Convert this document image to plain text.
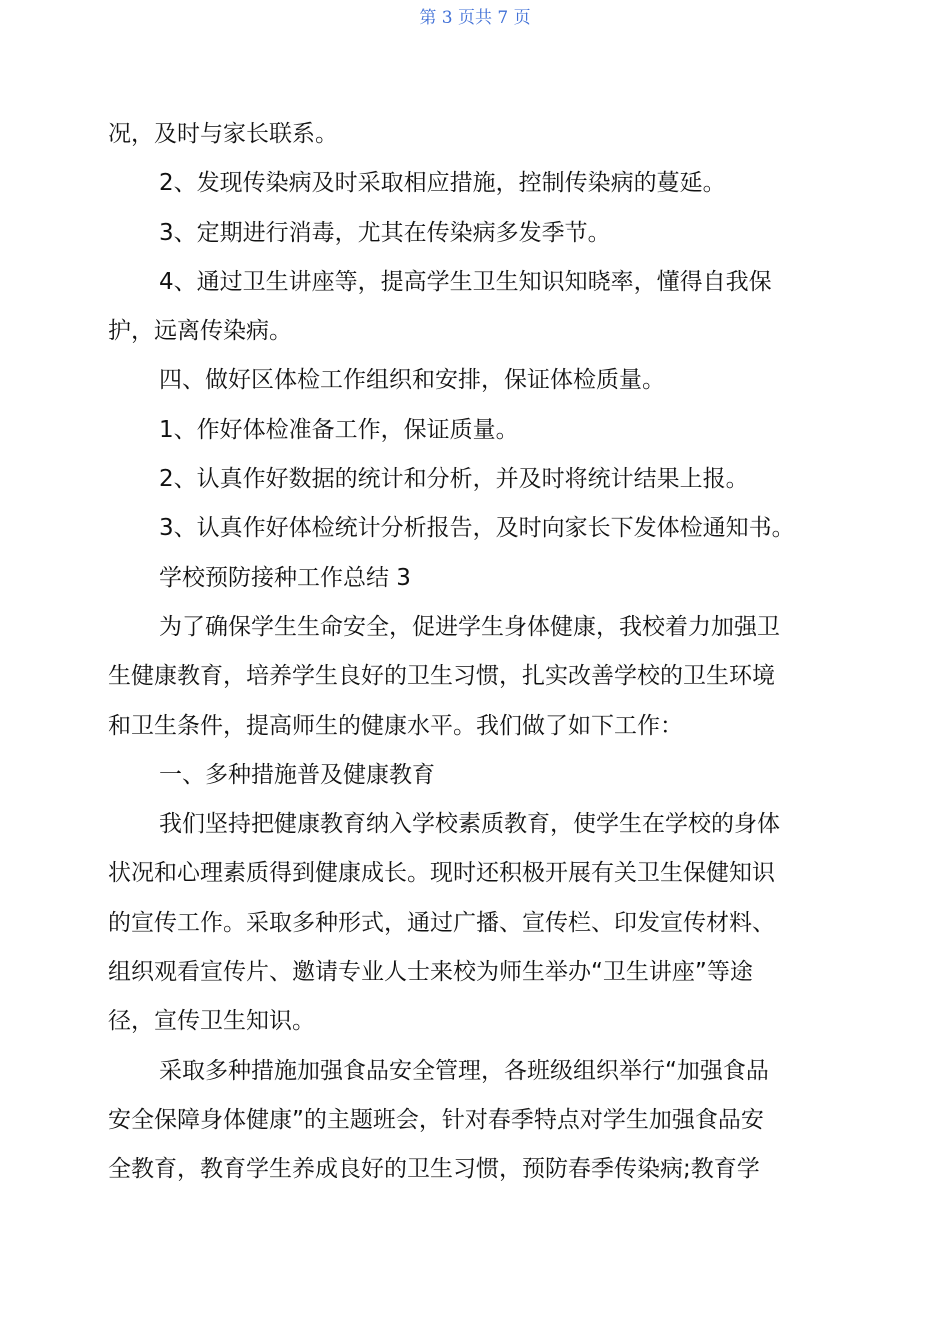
第 3 页共 7 页
况，及时与家长联系。
2、发现传染病及时采取相应措施，控制传染病的蔓延。
3、定期进行消毒，尤其在传染病多发季节。
4、通过卫生讲座等，提高学生卫生知识知晓率，懂得自我保
护，远离传染病。
四、做好区体检工作组织和安排，保证体检质量。
1、作好体检准备工作，保证质量。
2、认真作好数据的统计和分析，并及时将统计结果上报。
3、认真作好体检统计分析报告，及时向家长下发体检通知书。
学校预防接种工作总结 3
为了确保学生生命安全，促进学生身体健康，我校着力加强卫
生健康教育，培养学生良好的卫生习惯，扎实改善学校的卫生环境
和卫生条件，提高师生的健康水平。我们做了如下工作：
一、多种措施普及健康教育
我们坚持把健康教育纳入学校素质教育，使学生在学校的身体
状况和心理素质得到健康成长。现时还积极开展有关卫生保健知识
的宣传工作。采取多种形式，通过广播、宣传栏、印发宣传材料、
组织观看宣传片、邀请专业人士来校为师生举办“卫生讲座”等途
径，宣传卫生知识。
采取多种措施加强食品安全管理，各班级组织举行“加强食品
安全保障身体健康”的主题班会，针对春季特点对学生加强食品安
全教育，教育学生养成良好的卫生习惯，预防春季传染病;教育学
